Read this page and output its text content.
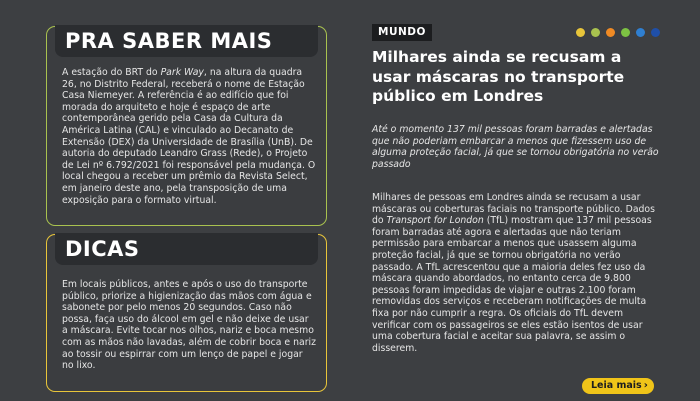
PRA SABER MAIS
A estação do BRT do Park Way, na altura da quadra 26, no Distrito Federal, receberá o nome de Estação Casa Niemeyer. A referência é ao edifício que foi morada do arquiteto e hoje é espaço de arte contemporânea gerido pela Casa da Cultura da América Latina (CAL) e vinculado ao Decanato de Extensão (DEX) da Universidade de Brasília (UnB). De autoria do deputado Leandro Grass (Rede), o Projeto de Lei nº 6.792/2021 foi responsável pela mudança. O local chegou a receber um prêmio da Revista Select, em janeiro deste ano, pela transposição de uma exposição para o formato virtual.
DICAS
Em locais públicos, antes e após o uso do transporte público, priorize a higienização das mãos com água e sabonete por pelo menos 20 segundos. Caso não possa, faça uso do álcool em gel e não deixe de usar a máscara. Evite tocar nos olhos, nariz e boca mesmo com as mãos não lavadas, além de cobrir boca e nariz ao tossir ou espirrar com um lenço de papel e jogar no lixo.
MUNDO
Milhares ainda se recusam a usar máscaras no transporte público em Londres

Até o momento 137 mil pessoas foram barradas e alertadas que não poderiam embarcar a menos que fizessem uso de alguma proteção facial, já que se tornou obrigatória no verão passado

Milhares de pessoas em Londres ainda se recusam a usar máscaras ou coberturas faciais no transporte público. Dados do Transport for London (TfL) mostram que 137 mil pessoas foram barradas até agora e alertadas que não teriam permissão para embarcar a menos que usassem alguma proteção facial, já que se tornou obrigatória no verão passado. A TfL acrescentou que a maioria deles fez uso da máscara quando abordados, no entanto cerca de 9.800 pessoas foram impedidas de viajar e outras 2.100 foram removidas dos serviços e receberam notificações de multa fixa por não cumprir a regra. Os oficiais do TfL devem verificar com os passageiros se eles estão isentos de usar uma cobertura facial e aceitar sua palavra, se assim o disserem.

Leia mais ›
